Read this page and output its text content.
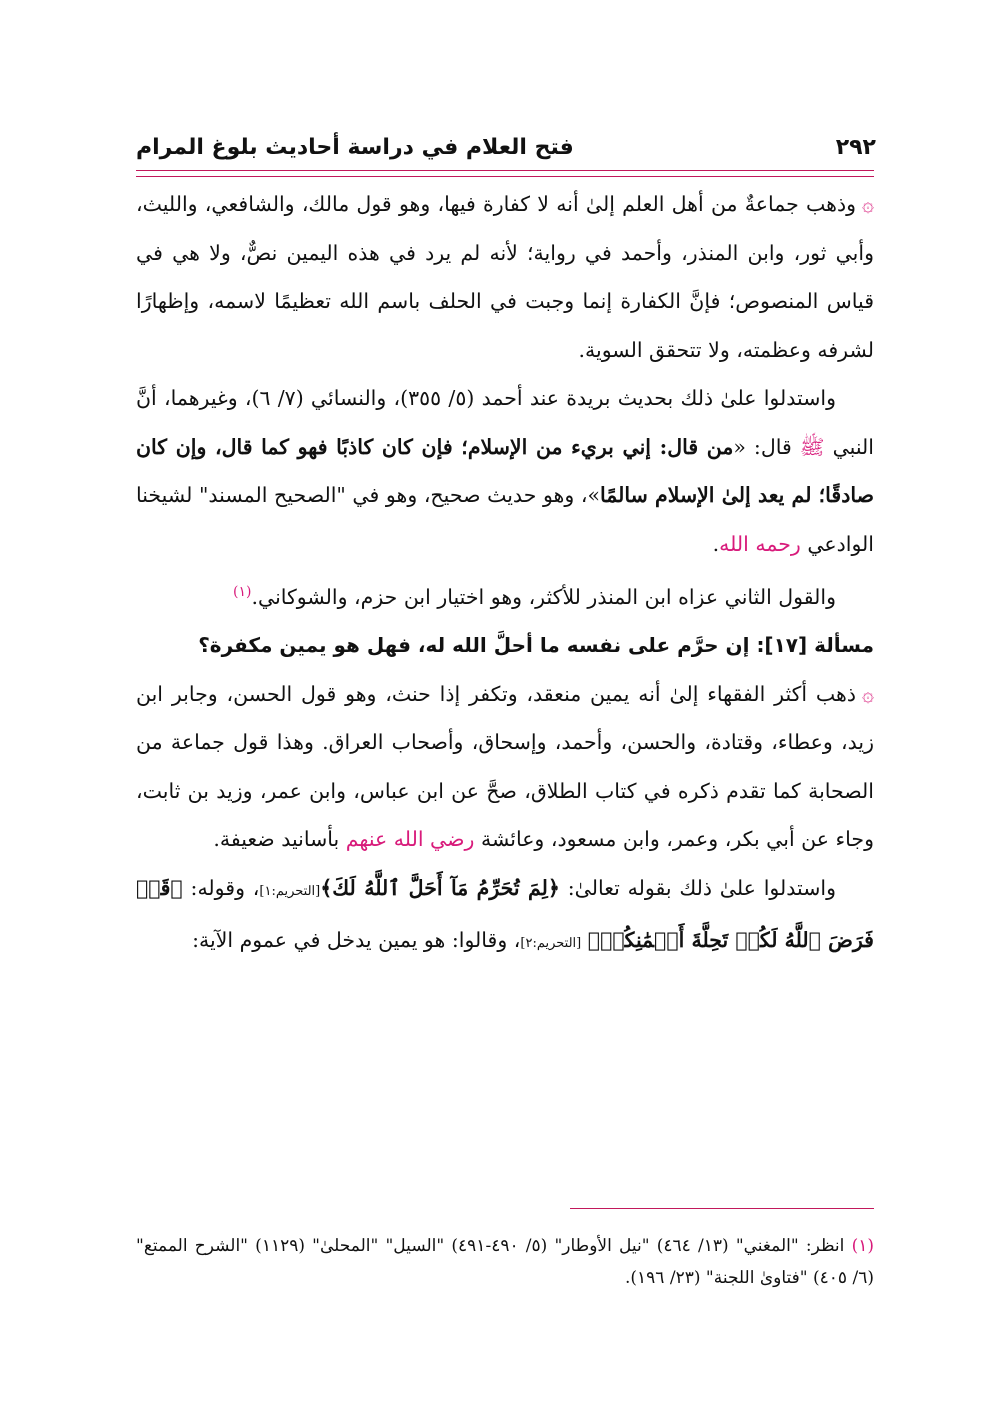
٢٩٢
فتح العلام في دراسة أحاديث بلوغ المرام

۞وذهب جماعةٌ من أهل العلم إلىٰ أنه لا كفارة فيها، وهو قول مالك، والشافعي، والليث، وأبي ثور، وابن المنذر، وأحمد في رواية؛ لأنه لم يرد في هذه اليمين نصٌّ، ولا هي في قياس المنصوص؛ فإنَّ الكفارة إنما وجبت في الحلف باسم الله تعظيمًا لاسمه، وإظهارًا لشرفه وعظمته، ولا تتحقق السوية.

واستدلوا علىٰ ذلك بحديث بريدة عند أحمد (٥/ ٣٥٥)، والنسائي (٧/ ٦)، وغيرهما، أنَّ النبي ﷺ قال: «من قال: إني بريء من الإسلام؛ فإن كان كاذبًا فهو كما قال، وإن كان صادقًا؛ لم يعد إلىٰ الإسلام سالمًا»، وهو حديث صحيح، وهو في "الصحيح المسند" لشيخنا الوادعي رحمه الله.

والقول الثاني عزاه ابن المنذر للأكثر، وهو اختيار ابن حزم، والشوكاني.$^{(١)}$

مسألة [١٧]: إن حرَّم على نفسه ما أحلَّ الله له، فهل هو يمين مكفرة؟

۞ذهب أكثر الفقهاء إلىٰ أنه يمين منعقد، وتكفر إذا حنث، وهو قول الحسن، وجابر ابن زيد، وعطاء، وقتادة، والحسن، وأحمد، وإسحاق، وأصحاب العراق. وهذا قول جماعة من الصحابة كما تقدم ذكره في كتاب الطلاق، صحَّ عن ابن عباس، وابن عمر، وزيد بن ثابت، وجاء عن أبي بكر، وعمر، وابن مسعود، وعائشة رضي الله عنهم بأسانيد ضعيفة.

واستدلوا علىٰ ذلك بقوله تعالىٰ: ﴿لِمَ تُحَرِّمُ مَآ أَحَلَّ ٱللَّهُ لَكَ﴾[التحريم:١]، وقوله: ﴿قَدۡ فَرَضَ ٱللَّهُ لَكُمۡ تَحِلَّةَ أَيۡمَٰنِكُمۡ﴾ [التحريم:٢]، وقالوا: هو يمين يدخل في عموم الآية:

(١) انظر: "المغني" (١٣/ ٤٦٤) "نيل الأوطار" (٥/ ٤٩٠-٤٩١) "السيل" "المحلىٰ" (١١٢٩) "الشرح الممتع" (٦/ ٤٠٥) "فتاوىٰ اللجنة" (٢٣/ ١٩٦).
